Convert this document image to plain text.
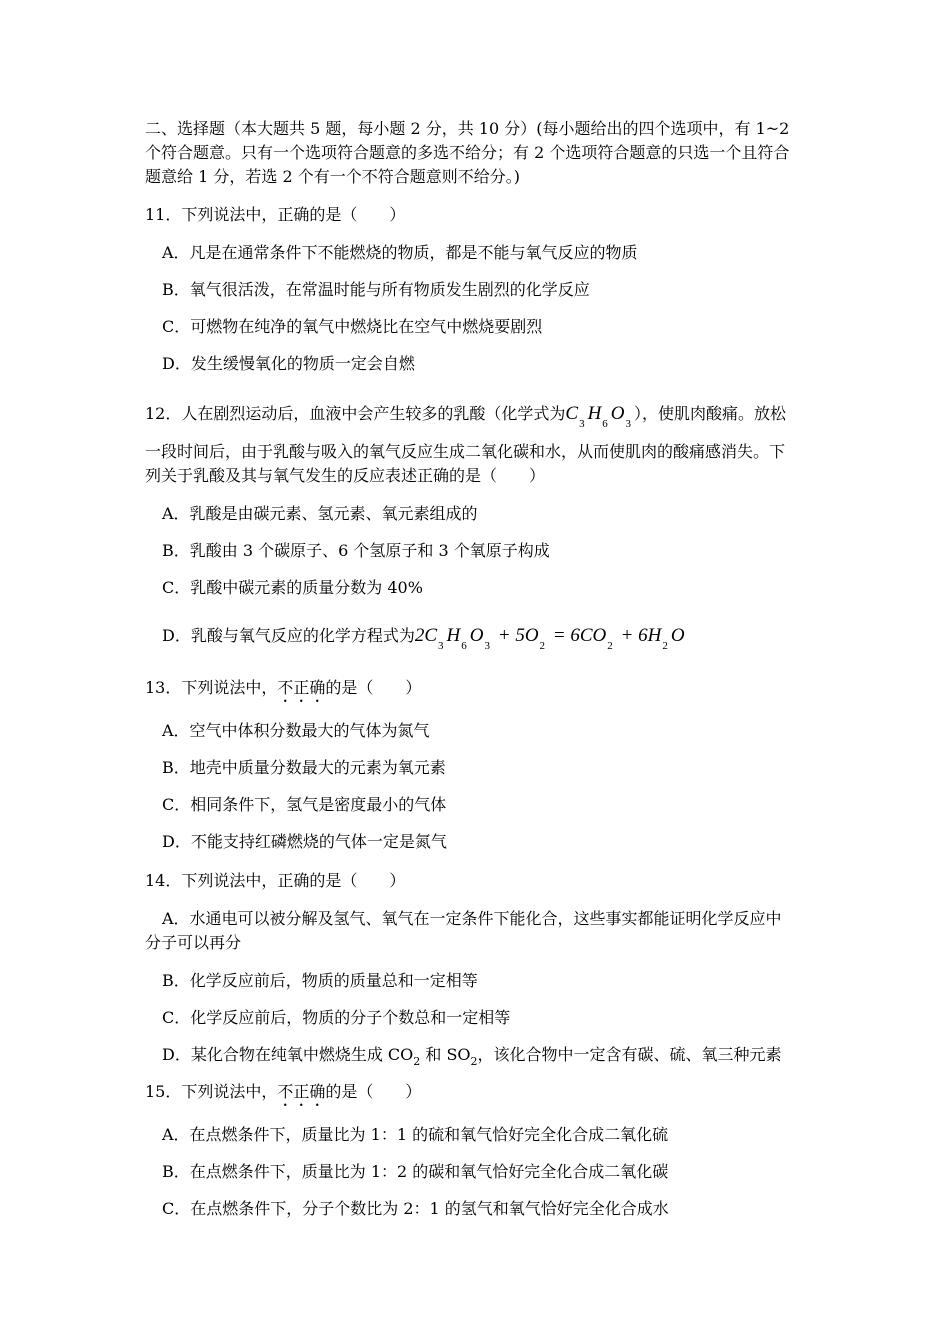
二、选择题（本大题共 5 题，每小题 2 分，共 10 分）(每小题给出的四个选项中，有 1~2
个符合题意。只有一个选项符合题意的多选不给分；有 2 个选项符合题意的只选一个且符合
题意给 1 分，若选 2 个有一个不符合题意则不给分。)
11．下列说法中，正确的是（　　）
A．凡是在通常条件下不能燃烧的物质，都是不能与氧气反应的物质
B．氧气很活泼，在常温时能与所有物质发生剧烈的化学反应
C．可燃物在纯净的氧气中燃烧比在空气中燃烧要剧烈
D．发生缓慢氧化的物质一定会自燃
12．人在剧烈运动后，血液中会产生较多的乳酸（化学式为$C_3$ $H_6$ $O_3$），使肌肉酸痛。放松
一段时间后，由于乳酸与吸入的氧气反应生成二氧化碳和水，从而使肌肉的酸痛感消失。下
列关于乳酸及其与氧气发生的反应表述正确的是（　　）
A．乳酸是由碳元素、氢元素、氧元素组成的
B．乳酸由 3 个碳原子、6 个氢原子和 3 个氧原子构成
C．乳酸中碳元素的质量分数为 40%
D．乳酸与氧气反应的化学方程式为$2C_3$ $H_6$ $O_3 + 5O_2 = 6CO_2 + 6H_2$ O
13．下列说法中，不正确的是（　　）
A．空气中体积分数最大的气体为氮气
B．地壳中质量分数最大的元素为氧元素
C．相同条件下，氢气是密度最小的气体
D．不能支持红磷燃烧的气体一定是氮气
14．下列说法中，正确的是（　　）
A．水通电可以被分解及氢气、氧气在一定条件下能化合，这些事实都能证明化学反应中
分子可以再分
B．化学反应前后，物质的质量总和一定相等
C．化学反应前后，物质的分子个数总和一定相等
D．某化合物在纯氧中燃烧生成 $CO_2$ 和 $SO_2$，该化合物中一定含有碳、硫、氧三种元素
15．下列说法中，不正确的是（　　）
A．在点燃条件下，质量比为 1：1 的硫和氧气恰好完全化合成二氧化硫
B．在点燃条件下，质量比为 1：2 的碳和氧气恰好完全化合成二氧化碳
C．在点燃条件下，分子个数比为 2：1 的氢气和氧气恰好完全化合成水
